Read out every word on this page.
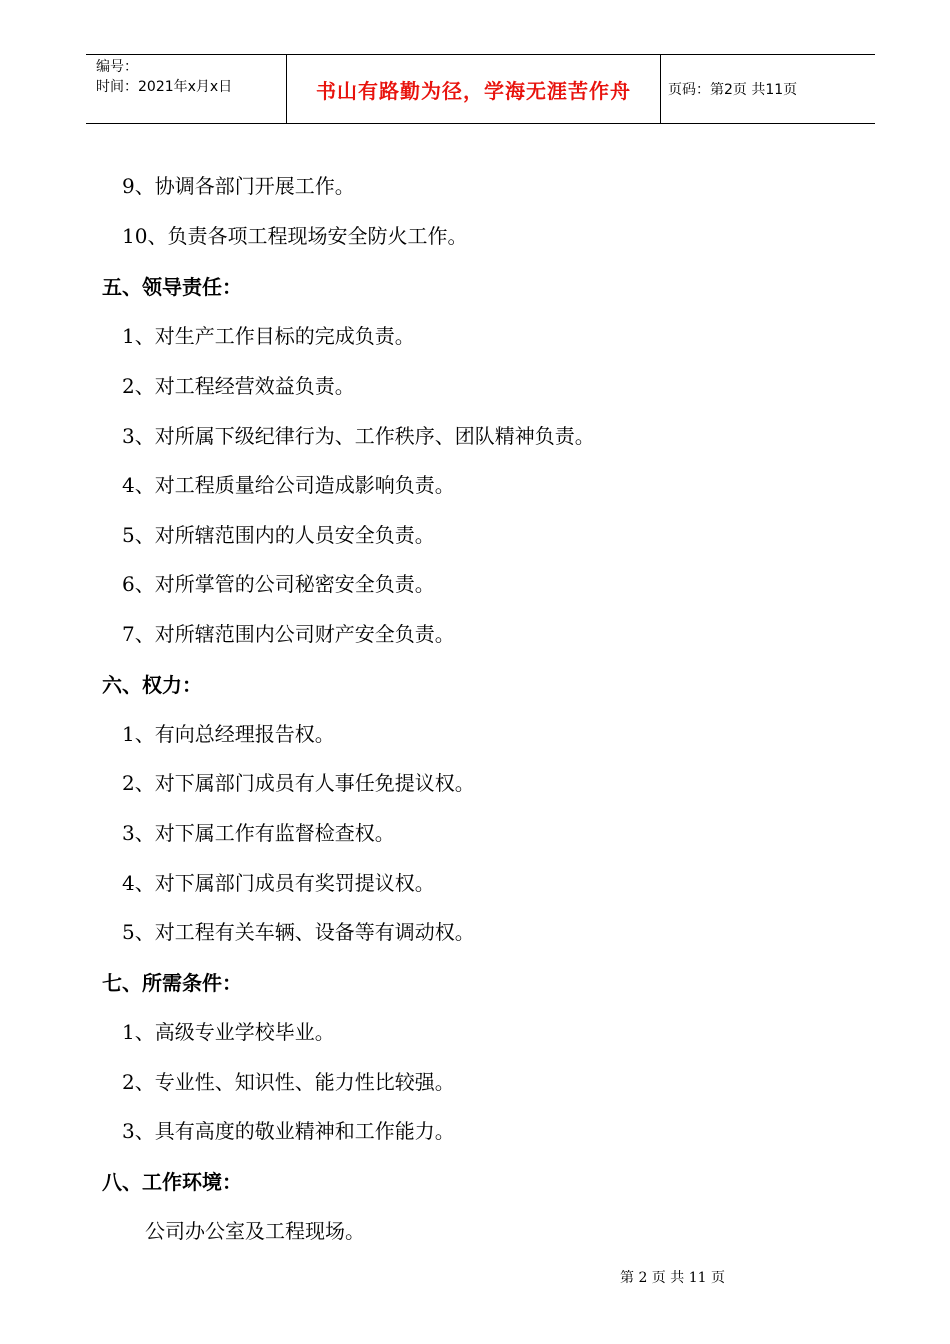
编号：
时间：2021年x月x日	书山有路勤为径，学海无涯苦作舟	页码：第2页 共11页
9、协调各部门开展工作。
10、负责各项工程现场安全防火工作。
五、领导责任：
1、对生产工作目标的完成负责。
2、对工程经营效益负责。
3、对所属下级纪律行为、工作秩序、团队精神负责。
4、对工程质量给公司造成影响负责。
5、对所辖范围内的人员安全负责。
6、对所掌管的公司秘密安全负责。
7、对所辖范围内公司财产安全负责。
六、权力：
1、有向总经理报告权。
2、对下属部门成员有人事任免提议权。
3、对下属工作有监督检查权。
4、对下属部门成员有奖罚提议权。
5、对工程有关车辆、设备等有调动权。
七、所需条件：
1、高级专业学校毕业。
2、专业性、知识性、能力性比较强。
3、具有高度的敬业精神和工作能力。
八、工作环境：
公司办公室及工程现场。
第 2 页 共 11 页
